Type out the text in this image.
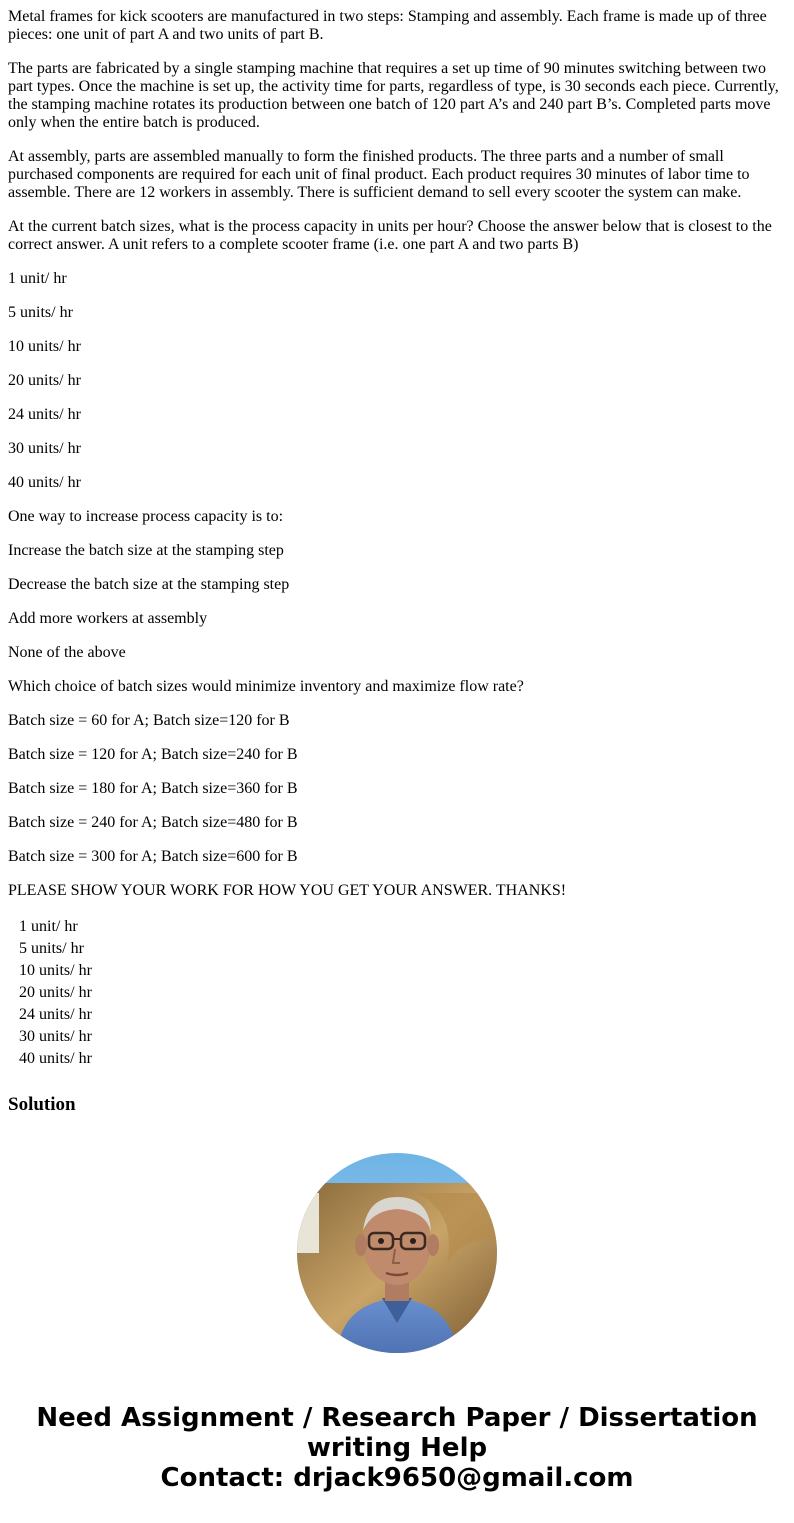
Metal frames for kick scooters are manufactured in two steps: Stamping and assembly. Each frame is made up of three pieces: one unit of part A and two units of part B.

The parts are fabricated by a single stamping machine that requires a set up time of 90 minutes switching between two part types. Once the machine is set up, the activity time for parts, regardless of type, is 30 seconds each piece. Currently, the stamping machine rotates its production between one batch of 120 part A’s and 240 part B’s. Completed parts move only when the entire batch is produced.

At assembly, parts are assembled manually to form the finished products. The three parts and a number of small purchased components are required for each unit of final product. Each product requires 30 minutes of labor time to assemble. There are 12 workers in assembly. There is sufficient demand to sell every scooter the system can make.

At the current batch sizes, what is the process capacity in units per hour? Choose the answer below that is closest to the correct answer. A unit refers to a complete scooter frame (i.e. one part A and two parts B)

1 unit/ hr

5 units/ hr

10 units/ hr

20 units/ hr

24 units/ hr

30 units/ hr

40 units/ hr

One way to increase process capacity is to:

Increase the batch size at the stamping step

Decrease the batch size at the stamping step

Add more workers at assembly

None of the above

Which choice of batch sizes would minimize inventory and maximize flow rate?

Batch size = 60 for A; Batch size=120 for B

Batch size = 120 for A; Batch size=240 for B

Batch size = 180 for A; Batch size=360 for B

Batch size = 240 for A; Batch size=480 for B

Batch size = 300 for A; Batch size=600 for B

PLEASE SHOW YOUR WORK FOR HOW YOU GET YOUR ANSWER. THANKS!

1 unit/ hr
5 units/ hr
10 units/ hr
20 units/ hr
24 units/ hr
30 units/ hr
40 units/ hr
Solution
Need Assignment / Research Paper / Dissertation
writing Help
Contact: drjack9650@gmail.com
